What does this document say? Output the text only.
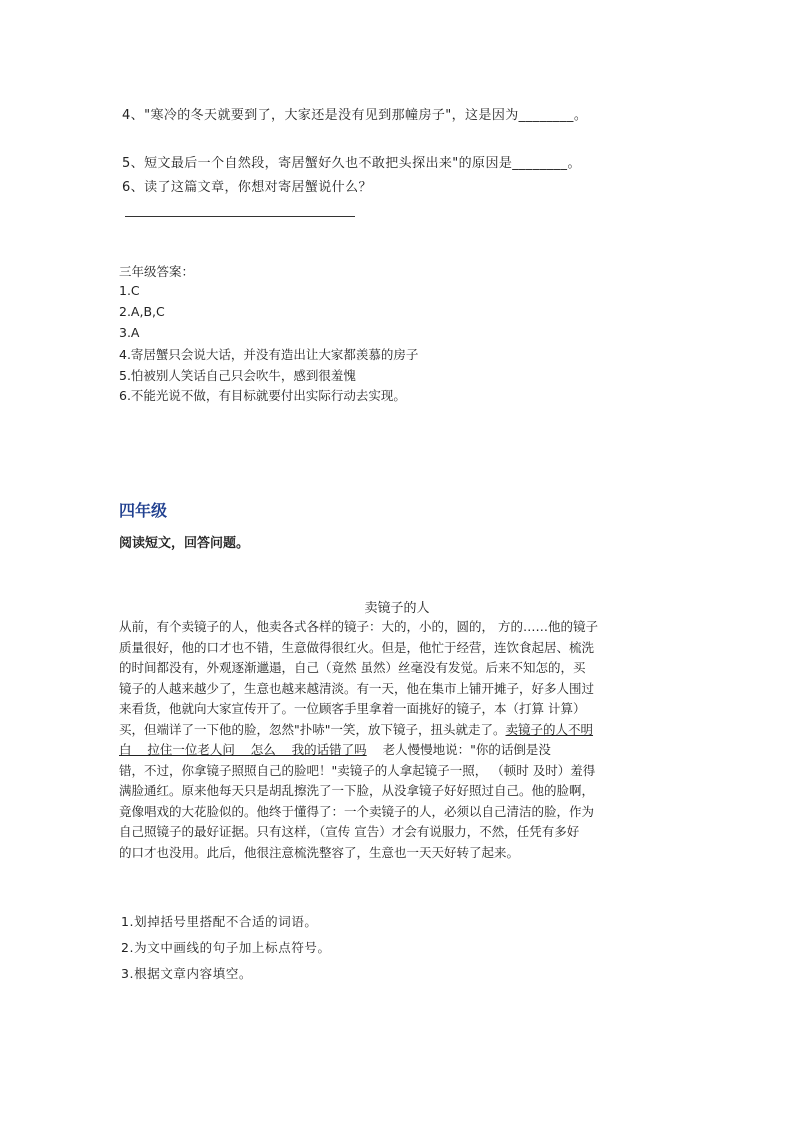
4、"寒冷的冬天就要到了，大家还是没有见到那幢房子"，这是因为________。
5、短文最后一个自然段，寄居蟹好久也不敢把头探出来"的原因是________。
6、读了这篇文章，你想对寄居蟹说什么？
三年级答案：
1.C
2.A,B,C
3.A
4.寄居蟹只会说大话，并没有造出让大家都羡慕的房子
5.怕被别人笑话自己只会吹牛，感到很羞愧
6.不能光说不做，有目标就要付出实际行动去实现。
四年级
阅读短文，回答问题。
卖镜子的人
从前，有个卖镜子的人，他卖各式各样的镜子：大的，小的，圆的， 方的……他的镜子
质量很好，他的口才也不错，生意做得很红火。但是，他忙于经营，连饮食起居、梳洗
的时间都没有，外观逐渐邋遢，自己（竟然 虽然）丝毫没有发觉。后来不知怎的，买
镜子的人越来越少了，生意也越来越清淡。有一天，他在集市上铺开摊子，好多人围过
来看货，他就向大家宣传开了。一位顾客手里拿着一面挑好的镜子，本（打算 计算）
买，但端详了一下他的脸，忽然"扑哧"一笑，放下镜子，扭头就走了。卖镜子的人不明
白    拉住一位老人问    怎么    我的话错了吗    老人慢慢地说："你的话倒是没
错，不过，你拿镜子照照自己的脸吧！"卖镜子的人拿起镜子一照， （顿时 及时）羞得
满脸通红。原来他每天只是胡乱擦洗了一下脸，从没拿镜子好好照过自己。他的脸啊，
竟像唱戏的大花脸似的。他终于懂得了：一个卖镜子的人，必须以自己清洁的脸，作为
自己照镜子的最好证据。只有这样，（宣传 宣告）才会有说服力，不然，任凭有多好
的口才也没用。此后，他很注意梳洗整容了，生意也一天天好转了起来。
1.划掉括号里搭配不合适的词语。
2.为文中画线的句子加上标点符号。
3.根据文章内容填空。
